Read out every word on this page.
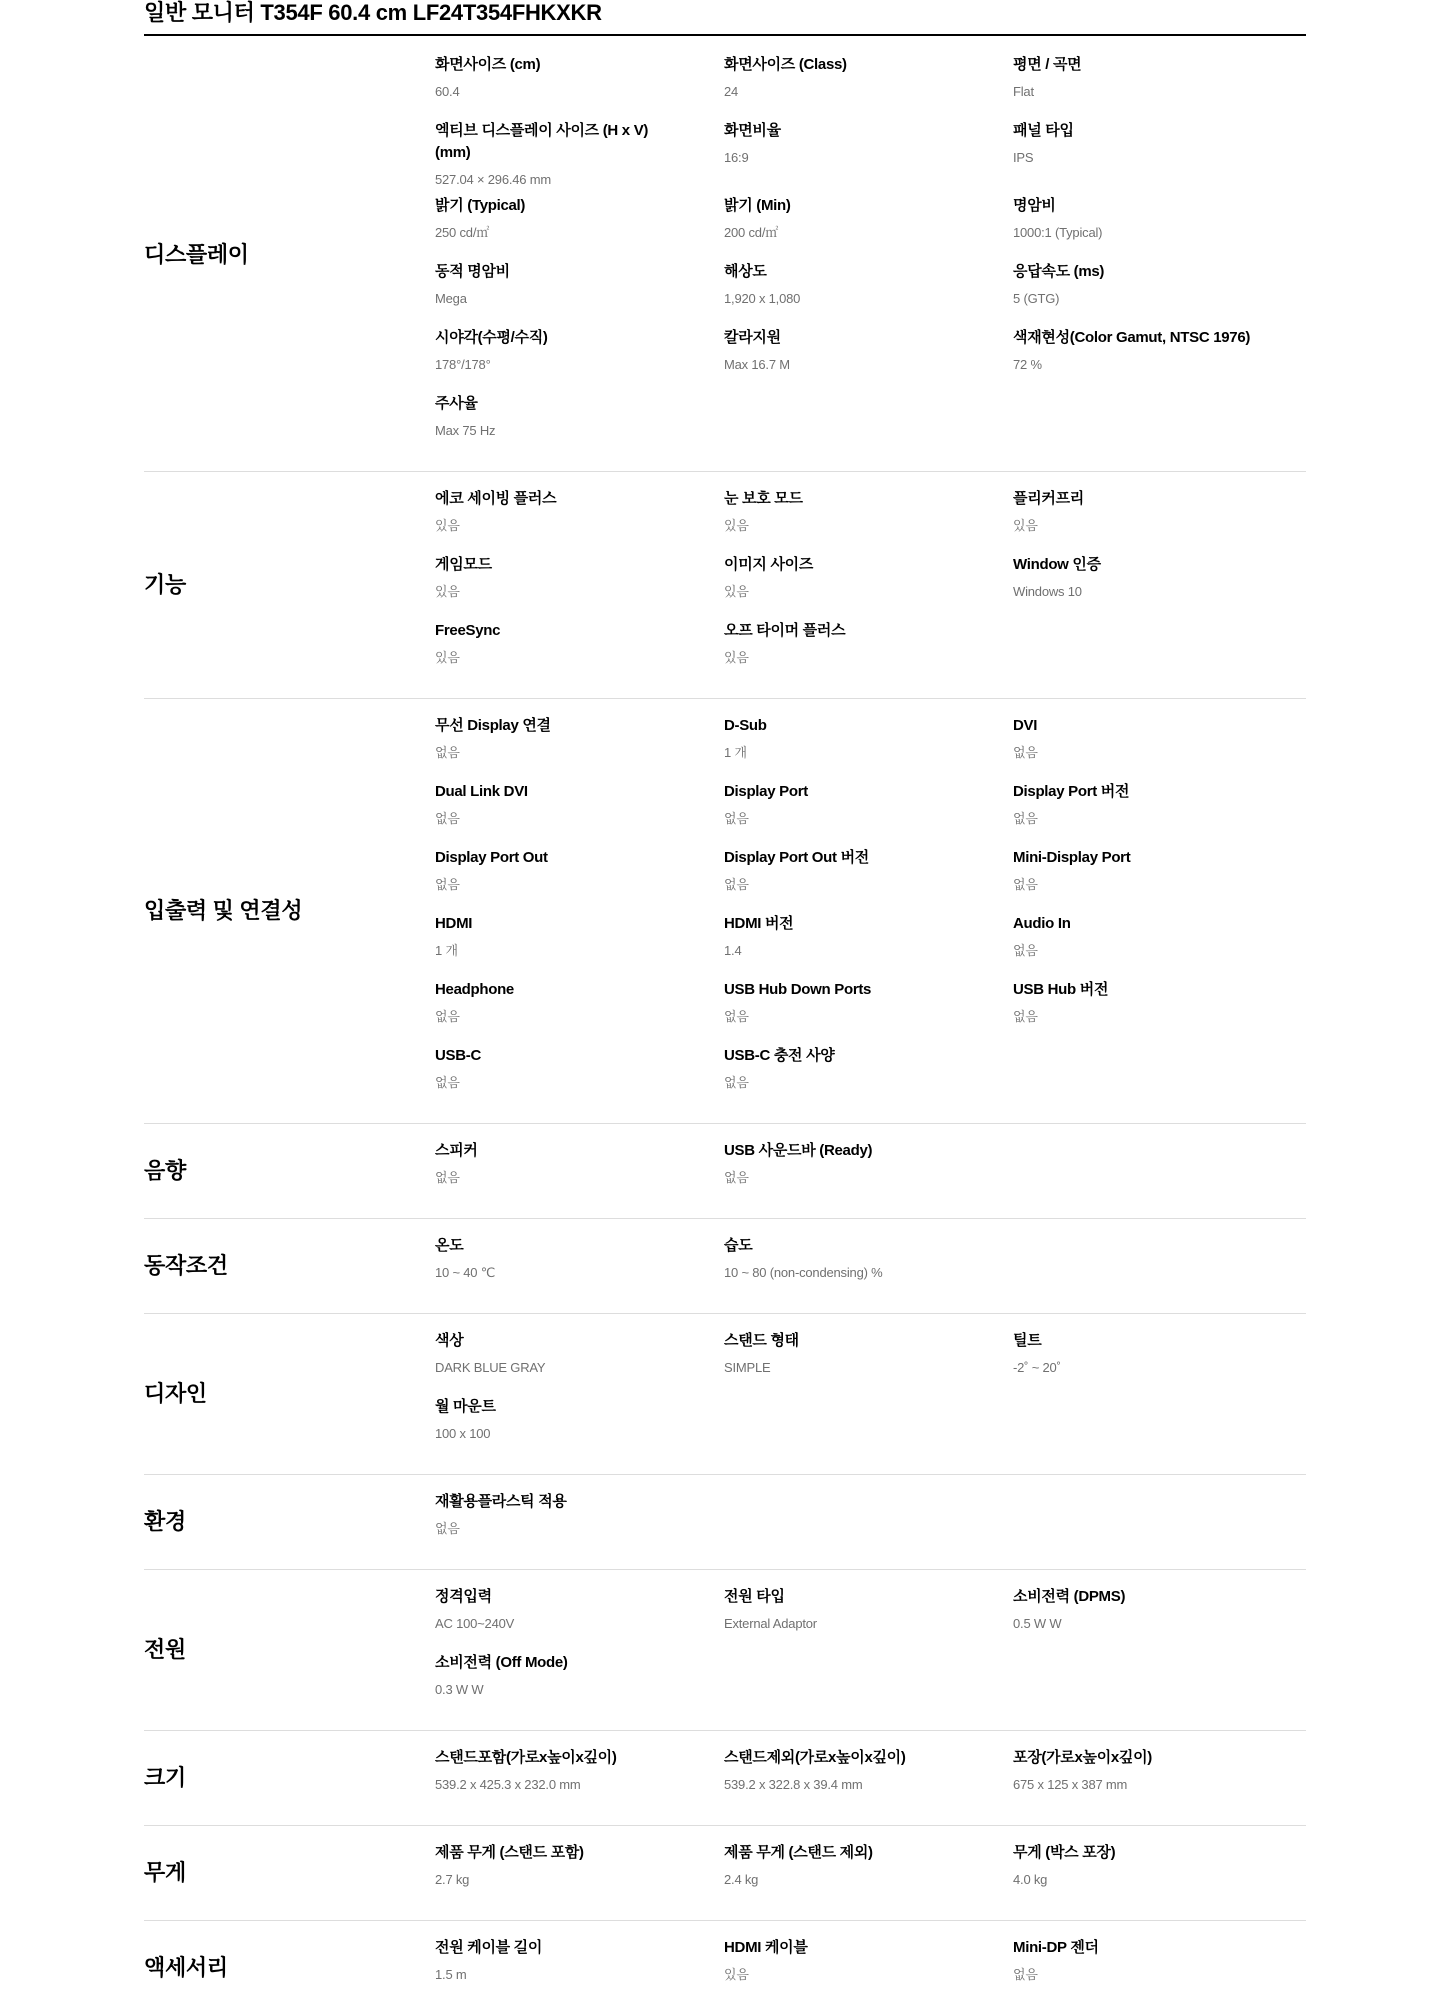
일반 모니터 T354F 60.4 cm LF24T354FHKXKR
디스플레이
화면사이즈 (cm)
60.4
화면사이즈 (Class)
24
평면 / 곡면
Flat
엑티브 디스플레이 사이즈 (H x V) (mm)
527.04 × 296.46 mm
화면비율
16:9
패널 타입
IPS
밝기 (Typical)
250 cd/㎡
밝기 (Min)
200 cd/㎡
명암비
1000:1 (Typical)
동적 명암비
Mega
해상도
1,920 x 1,080
응답속도 (ms)
5 (GTG)
시야각(수평/수직)
178°/178°
칼라지원
Max 16.7 M
색재현성(Color Gamut, NTSC 1976)
72 %
주사율
Max 75 Hz
기능
에코 세이빙 플러스
있음
눈 보호 모드
있음
플리커프리
있음
게임모드
있음
이미지 사이즈
있음
Window 인증
Windows 10
FreeSync
있음
오프 타이머 플러스
있음
입출력 및 연결성
무선 Display 연결
없음
D-Sub
1 개
DVI
없음
Dual Link DVI
없음
Display Port
없음
Display Port 버전
없음
Display Port Out
없음
Display Port Out 버전
없음
Mini-Display Port
없음
HDMI
1 개
HDMI 버전
1.4
Audio In
없음
Headphone
없음
USB Hub Down Ports
없음
USB Hub 버전
없음
USB-C
없음
USB-C 충전 사양
없음
음향
스피커
없음
USB 사운드바 (Ready)
없음
동작조건
온도
10 ~ 40 ℃
습도
10 ~ 80 (non-condensing) %
디자인
색상
DARK BLUE GRAY
스탠드 형태
SIMPLE
틸트
-2˚ ~ 20˚
월 마운트
100 x 100
환경
재활용플라스틱 적용
없음
전원
정격입력
AC 100~240V
전원 타입
External Adaptor
소비전력 (DPMS)
0.5 W W
소비전력 (Off Mode)
0.3 W W
크기
스탠드포함(가로x높이x깊이)
539.2 x 425.3 x 232.0 mm
스탠드제외(가로x높이x깊이)
539.2 x 322.8 x 39.4 mm
포장(가로x높이x깊이)
675 x 125 x 387 mm
무게
제품 무게 (스탠드 포함)
2.7 kg
제품 무게 (스탠드 제외)
2.4 kg
무게 (박스 포장)
4.0 kg
액세서리
전원 케이블 길이
1.5 m
HDMI 케이블
있음
Mini-DP 젠더
없음
